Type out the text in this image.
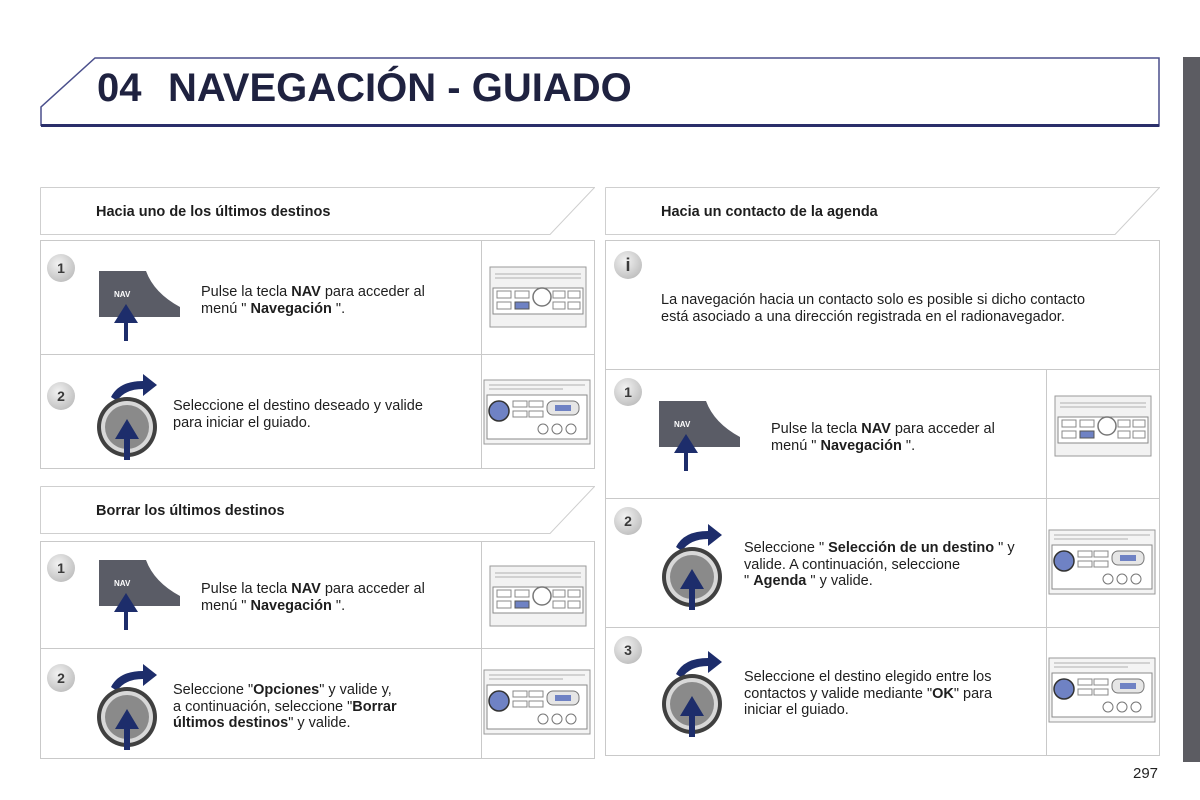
04 NAVEGACIÓN - GUIADO
Hacia uno de los últimos destinos
1
NAV	Pulse la tecla NAV para acceder al
menú " Navegación ".
2
Seleccione el destino deseado y valide
para iniciar el guiado.
Borrar los últimos destinos
1
NAV	Pulse la tecla NAV para acceder al
menú " Navegación ".
2
Seleccione "Opciones" y valide y,
a continuación, seleccione "Borrar
últimos destinos" y valide.
Hacia un contacto de la agenda
i
La navegación hacia un contacto solo es posible si dicho contacto
está asociado a una dirección registrada en el radionavegador.
1
NAV	Pulse la tecla NAV para acceder al
menú " Navegación ".
2
Seleccione " Selección de un destino " y
valide. A continuación, seleccione
" Agenda " y valide.
3
Seleccione el destino elegido entre los
contactos y valide mediante "OK" para
iniciar el guiado.
297
